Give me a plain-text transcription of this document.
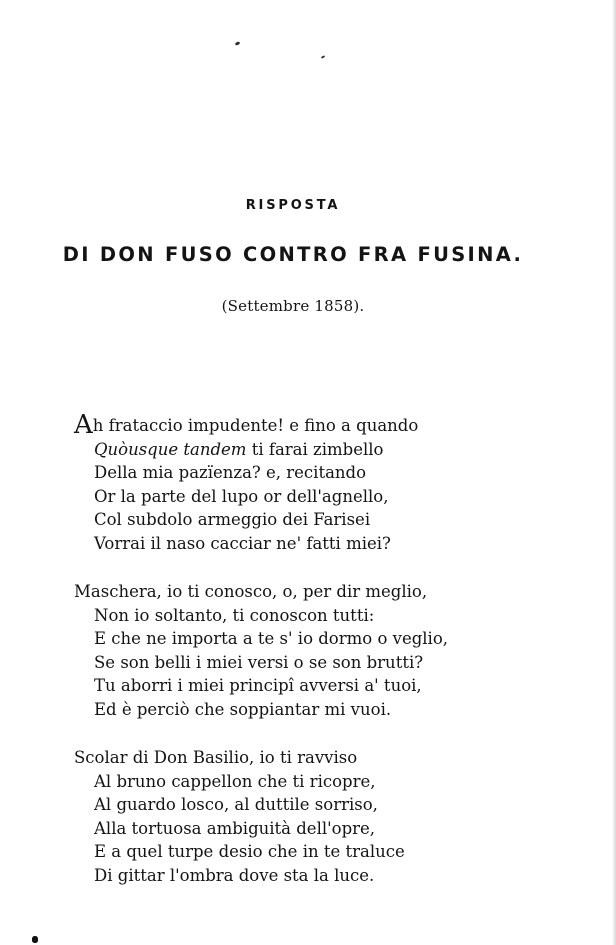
RISPOSTA
DI DON FUSO CONTRO FRA FUSINA.
(Settembre 1858).
Ah fratacciο impudente! e fino a quando
Quòusque tandem ti farai zimbello
Della mia pazïenza? e, recitando
Or la parte del lupo or dell'agnello,
Col subdolo armeggio dei Farisei
Vorrai il naso cacciar ne' fatti miei?
Maschera, io ti conosco, o, per dir meglio,
Non io soltanto, ti conoscon tutti:
E che ne importa a te s' io dormo o veglio,
Se son belli i miei versi o se son brutti?
Tu aborri i miei principî avversi a' tuoi,
Ed è perciò che soppiantar mi vuoi.
Scolar di Don Basilio, io ti ravviso
Al bruno cappellon che ti ricopre,
Al guardo losco, al duttile sorriso,
Alla tortuosa ambiguità dell'opre,
E a quel turpe desio che in te traluce
Di gittar l'ombra dove sta la luce.
